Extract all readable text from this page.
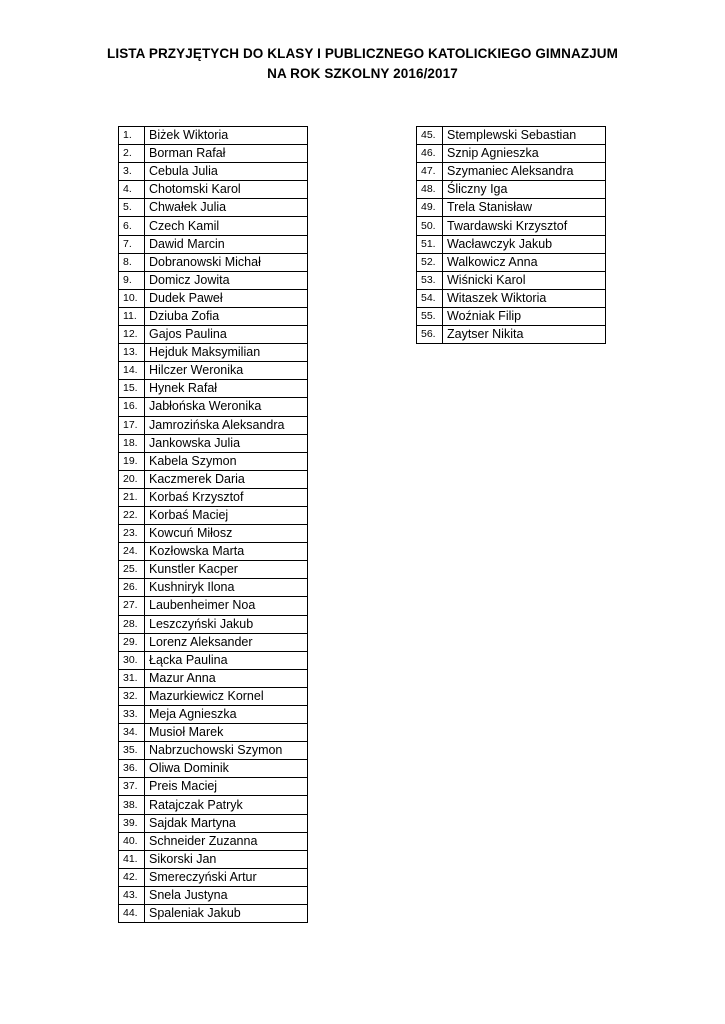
LISTA PRZYJĘTYCH DO KLASY I PUBLICZNEGO KATOLICKIEGO GIMNAZJUM
NA ROK SZKOLNY 2016/2017
1.	Biżek Wiktoria
2.	Borman Rafał
3.	Cebula Julia
4.	Chotomski Karol
5.	Chwałek Julia
6.	Czech Kamil
7.	Dawid Marcin
8.	Dobranowski Michał
9.	Domicz Jowita
10.	Dudek Paweł
11.	Dziuba Zofia
12.	Gajos Paulina
13.	Hejduk Maksymilian
14.	Hilczer Weronika
15.	Hynek Rafał
16.	Jabłońska Weronika
17.	Jamrozińska Aleksandra
18.	Jankowska Julia
19.	Kabela Szymon
20.	Kaczmerek Daria
21.	Korbaś Krzysztof
22.	Korbaś Maciej
23.	Kowcuń Miłosz
24.	Kozłowska Marta
25.	Kunstler Kacper
26.	Kushniryk Ilona
27.	Laubenheimer Noa
28.	Leszczyński Jakub
29.	Lorenz Aleksander
30.	Łącka Paulina
31.	Mazur Anna
32.	Mazurkiewicz Kornel
33.	Meja Agnieszka
34.	Musioł Marek
35.	Nabrzuchowski Szymon
36.	Oliwa Dominik
37.	Preis Maciej
38.	Ratajczak Patryk
39.	Sajdak Martyna
40.	Schneider Zuzanna
41.	Sikorski Jan
42.	Smereczyński Artur
43.	Snela Justyna
44.	Spaleniak Jakub
45.	Stemplewski Sebastian
46.	Sznip Agnieszka
47.	Szymaniec Aleksandra
48.	Śliczny Iga
49.	Trela Stanisław
50.	Twardawski Krzysztof
51.	Wacławczyk Jakub
52.	Walkowicz Anna
53.	Wiśnicki Karol
54.	Witaszek Wiktoria
55.	Woźniak Filip
56.	Zaytser Nikita
